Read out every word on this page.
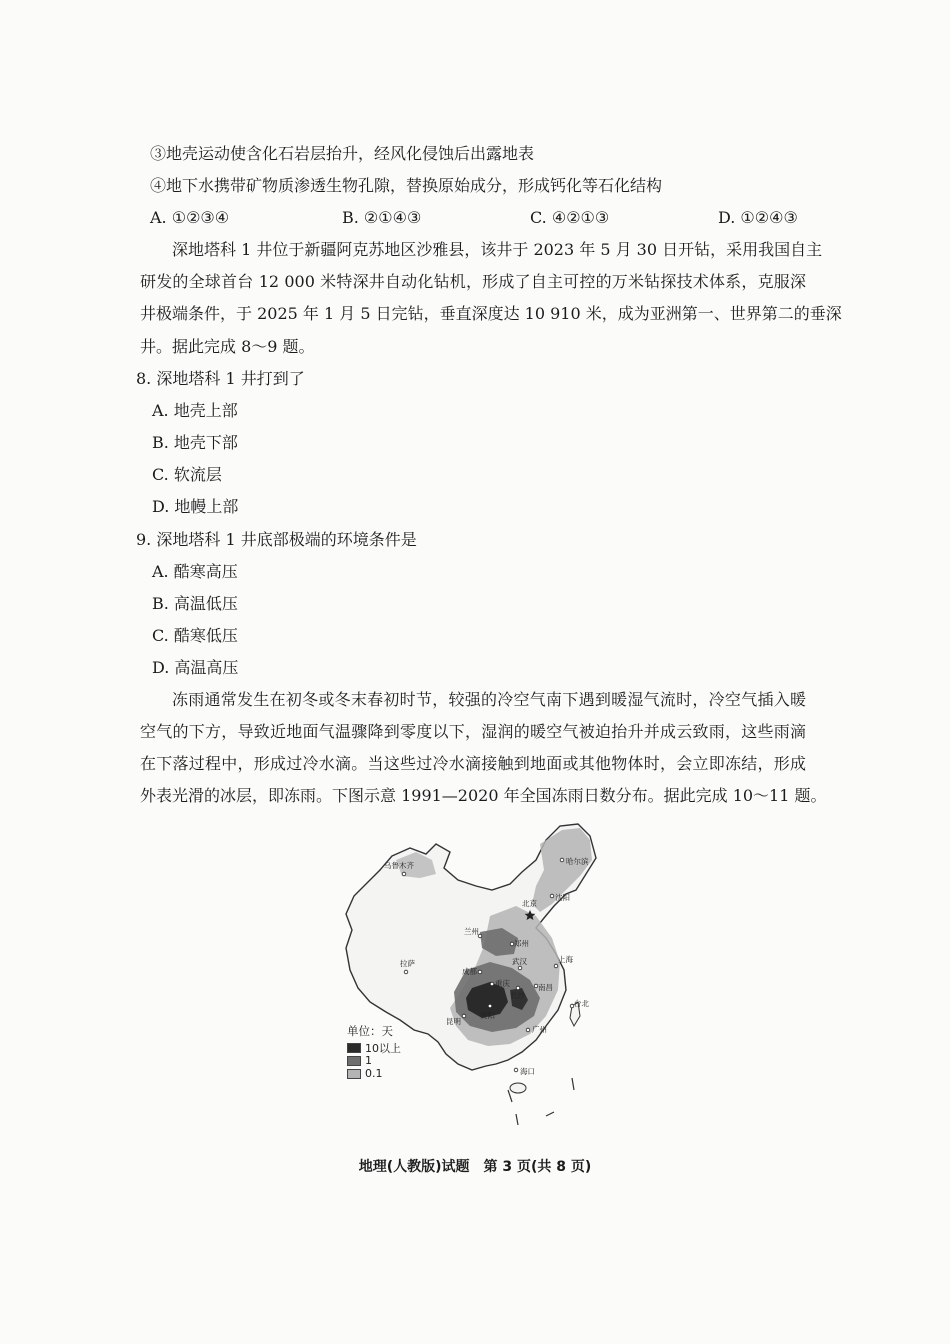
③地壳运动使含化石岩层抬升，经风化侵蚀后出露地表
④地下水携带矿物质渗透生物孔隙，替换原始成分，形成钙化等石化结构
A. ①②③④	B. ②①④③	C. ④②①③	D. ①②④③
深地塔科 1 井位于新疆阿克苏地区沙雅县，该井于 2023 年 5 月 30 日开钻，采用我国自主
研发的全球首台 12 000 米特深井自动化钻机，形成了自主可控的万米钻探技术体系，克服深
井极端条件，于 2025 年 1 月 5 日完钻，垂直深度达 10 910 米，成为亚洲第一、世界第二的垂深
井。据此完成 8～9 题。
8. 深地塔科 1 井打到了
A. 地壳上部
B. 地壳下部
C. 软流层
D. 地幔上部
9. 深地塔科 1 井底部极端的环境条件是
A. 酷寒高压
B. 高温低压
C. 酷寒低压
D. 高温高压
冻雨通常发生在初冬或冬末春初时节，较强的冷空气南下遇到暖湿气流时，冷空气插入暖
空气的下方，导致近地面气温骤降到零度以下，湿润的暖空气被迫抬升并成云致雨，这些雨滴
在下落过程中，形成过冷水滴。当这些过冷水滴接触到地面或其他物体时，会立即冻结，形成
外表光滑的冰层，即冻雨。下图示意 1991—2020 年全国冻雨日数分布。据此完成 10～11 题。
乌鲁木齐	哈尔滨
北京
沈阳
兰州
郑州
拉萨
成都
武汉	上海
重庆
长沙
南昌
昆明
贵阳
台北
广州
海口
单位：天
10以上
1
0.1
地理(人教版)试题　第 3 页(共 8 页)
